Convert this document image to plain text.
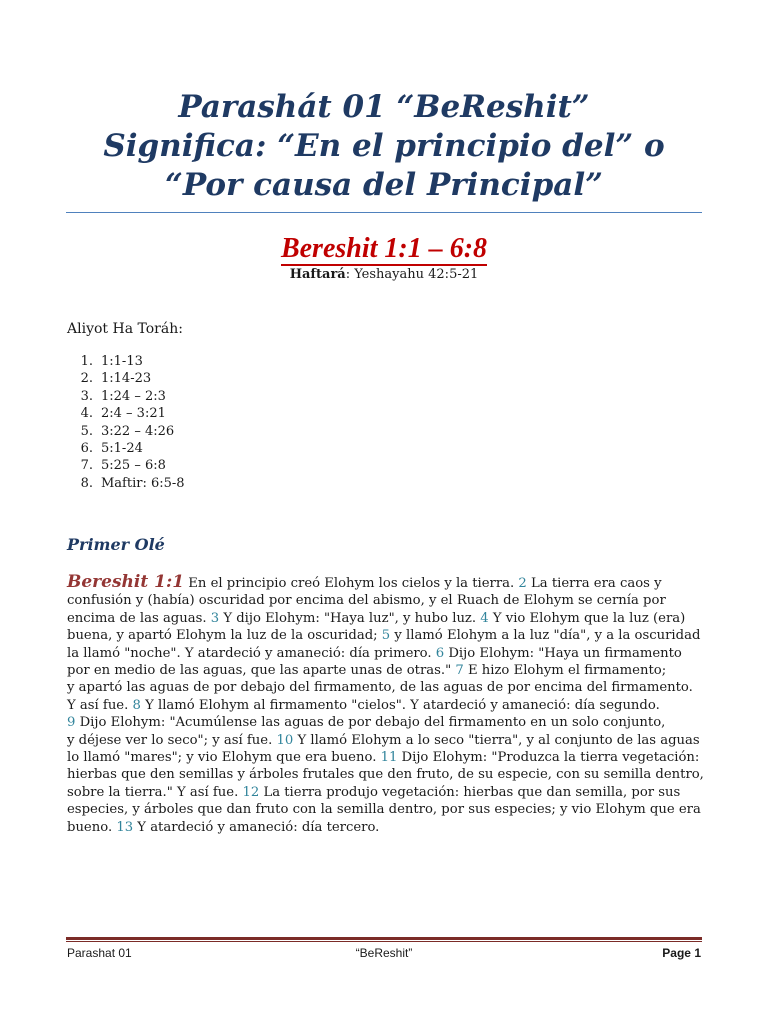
Parashát 01 “BeReshit”
Significa: “En el principio del” o
“Por causa del Principal”
Bereshit 1:1 – 6:8
Haftará: Yeshayahu 42:5-21
Aliyot Ha Toráh:
1. 1:1-13
2. 1:14-23
3. 1:24 – 2:3
4. 2:4 – 3:21
5. 3:22 – 4:26
6. 5:1-24
7. 5:25 – 6:8
8. Maftir: 6:5-8
Primer Olé
Bereshit 1:1 En el principio creó Elohym los cielos y la tierra. 2 La tierra era caos y
confusión y (había) oscuridad por encima del abismo, y el Ruach de Elohym se cernía por
encima de las aguas. 3 Y dijo Elohym: "Haya luz", y hubo luz. 4 Y vio Elohym que la luz (era)
buena, y apartó Elohym la luz de la oscuridad; 5 y llamó Elohym a la luz "día", y a la oscuridad
la llamó "noche". Y atardeció y amaneció: día primero. 6 Dijo Elohym: "Haya un firmamento
por en medio de las aguas, que las aparte unas de otras." 7 E hizo Elohym el firmamento;
y apartó las aguas de por debajo del firmamento, de las aguas de por encima del firmamento.
Y así fue. 8 Y llamó Elohym al firmamento "cielos". Y atardeció y amaneció: día segundo.
9 Dijo Elohym: "Acumúlense las aguas de por debajo del firmamento en un solo conjunto,
y déjese ver lo seco"; y así fue. 10 Y llamó Elohym a lo seco "tierra", y al conjunto de las aguas
lo llamó "mares"; y vio Elohym que era bueno. 11 Dijo Elohym: "Produzca la tierra vegetación:
hierbas que den semillas y árboles frutales que den fruto, de su especie, con su semilla dentro,
sobre la tierra." Y así fue. 12 La tierra produjo vegetación: hierbas que dan semilla, por sus
especies, y árboles que dan fruto con la semilla dentro, por sus especies; y vio Elohym que era
bueno. 13 Y atardeció y amaneció: día tercero.
Parashat 01	“BeReshit”	Page 1
